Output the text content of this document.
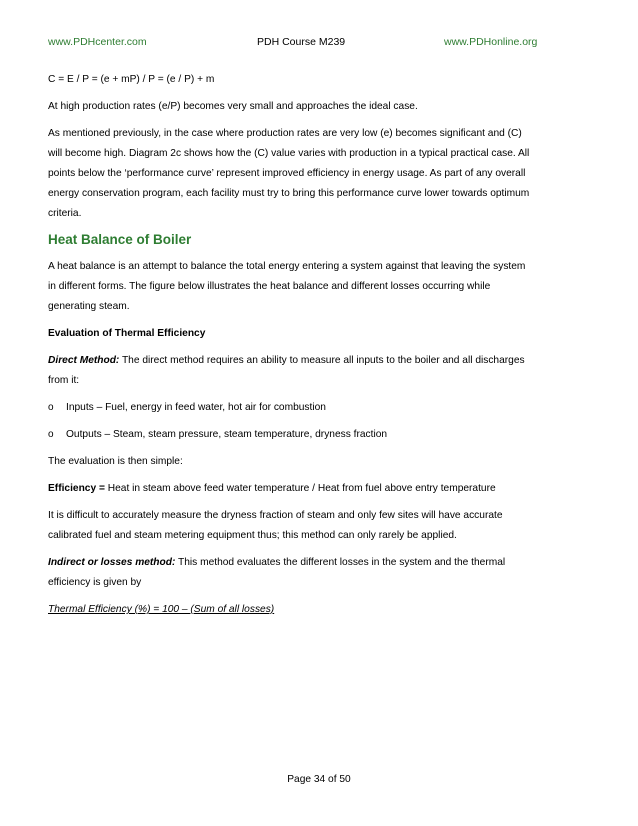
www.PDHcenter.com	PDH Course M239	www.PDHonline.org

C = E / P = (e + mP) / P = (e / P) + m

At high production rates (e/P) becomes very small and approaches the ideal case.

As mentioned previously, in the case where production rates are very low (e) becomes significant and (C)
will become high. Diagram 2c shows how the (C) value varies with production in a typical practical case. All
points below the ‘performance curve’ represent improved efficiency in energy usage. As part of any overall
energy conservation program, each facility must try to bring this performance curve lower towards optimum
criteria.

Heat Balance of Boiler

A heat balance is an attempt to balance the total energy entering a system against that leaving the system
in different forms. The figure below illustrates the heat balance and different losses occurring while
generating steam.

Evaluation of Thermal Efficiency

Direct Method: The direct method requires an ability to measure all inputs to the boiler and all discharges
from it:

o	Inputs – Fuel, energy in feed water, hot air for combustion
o	Outputs – Steam, steam pressure, steam temperature, dryness fraction

The evaluation is then simple:

Efficiency = Heat in steam above feed water temperature / Heat from fuel above entry temperature

It is difficult to accurately measure the dryness fraction of steam and only few sites will have accurate
calibrated fuel and steam metering equipment thus; this method can only rarely be applied.

Indirect or losses method: This method evaluates the different losses in the system and the thermal
efficiency is given by

Thermal Efficiency (%) = 100 – (Sum of all losses)

Page 34 of 50
